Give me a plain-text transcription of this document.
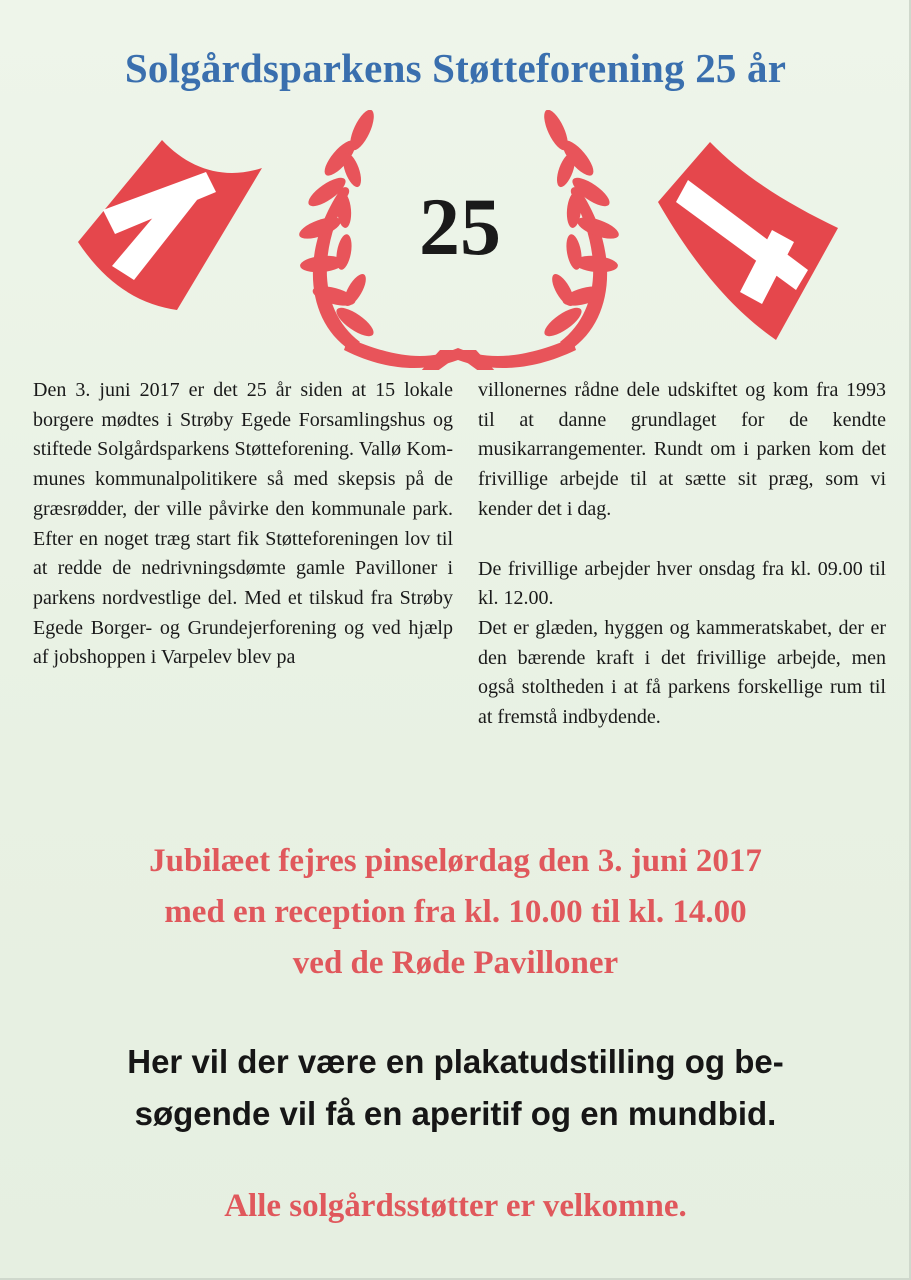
Solgårdsparkens Støtteforening 25 år
25

Den 3. juni 2017 er det 25 år siden at 15 lokale borgere mødtes i Strøby Egede Forsamlingshus og stiftede Solgårdsparkens Støtteforening. Vallø Kommunes kommunalpolitikere så med skepsis på de græsrødder, der ville påvirke den kommunale park. Efter en noget træg start fik Støtteforeningen lov til at redde de nedrivningsdømte gamle Pavilloner i parkens nordvestlige del. Med et tilskud fra Strøby Egede Borger- og Grundejerforening og ved hjælp af jobshoppen i Varpelev blev pa

villonernes rådne dele udskiftet og kom fra 1993 til at danne grundlaget for de kendte musikarrangementer. Rundt om i parken kom det frivillige arbejde til at sætte sit præg, som vi kender det i dag.

De frivillige arbejder hver onsdag fra kl. 09.00 til kl. 12.00.

Det er glæden, hyggen og kammeratskabet, der er den bærende kraft i det frivillige arbejde, men også stoltheden i at få parkens forskellige rum til at fremstå indbydende.

Jubilæet fejres pinselørdag den 3. juni 2017
med en reception fra kl. 10.00 til kl. 14.00
ved de Røde Pavilloner
Her vil der være en plakatudstilling og be-
søgende vil få en aperitif og en mundbid.
Alle solgårdsstøtter er velkomne.
